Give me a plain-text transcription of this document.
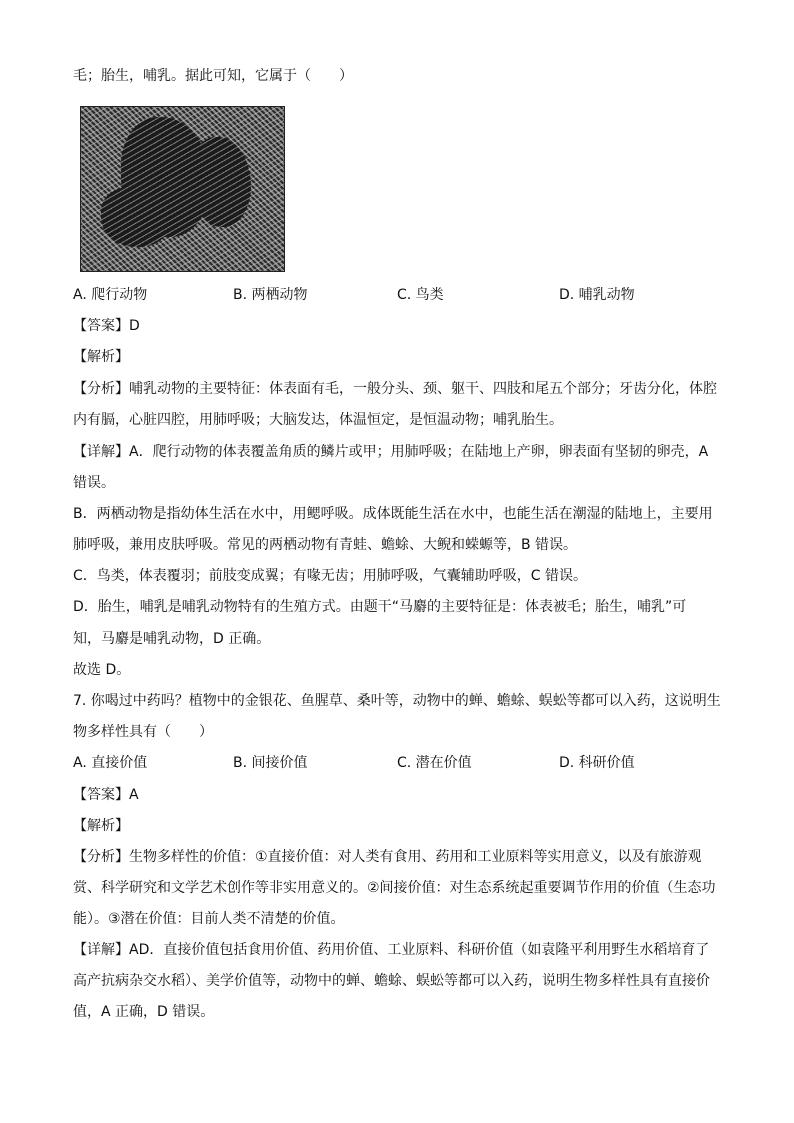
毛；胎生，哺乳。据此可知，它属于（　　）
A. 爬行动物	B. 两栖动物	C. 鸟类	D. 哺乳动物
【答案】D
【解析】
【分析】哺乳动物的主要特征：体表面有毛，一般分头、颈、躯干、四肢和尾五个部分；牙齿分化，体腔
内有膈，心脏四腔，用肺呼吸；大脑发达，体温恒定，是恒温动物；哺乳胎生。
【详解】A．爬行动物的体表覆盖角质的鳞片或甲；用肺呼吸；在陆地上产卵，卵表面有坚韧的卵壳，A
错误。
B．两栖动物是指幼体生活在水中，用鳃呼吸。成体既能生活在水中，也能生活在潮湿的陆地上，主要用
肺呼吸，兼用皮肤呼吸。常见的两栖动物有青蛙、蟾蜍、大鲵和蝾螈等，B 错误。
C．鸟类，体表覆羽；前肢变成翼；有喙无齿；用肺呼吸，气囊辅助呼吸，C 错误。
D．胎生，哺乳是哺乳动物特有的生殖方式。由题干“马麝的主要特征是：体表被毛；胎生，哺乳”可
知，马麝是哺乳动物，D 正确。
故选 D。
7. 你喝过中药吗？植物中的金银花、鱼腥草、桑叶等，动物中的蝉、蟾蜍、蜈蚣等都可以入药，这说明生
物多样性具有（　　）
A. 直接价值	B. 间接价值	C. 潜在价值	D. 科研价值
【答案】A
【解析】
【分析】生物多样性的价值：①直接价值：对人类有食用、药用和工业原料等实用意义，以及有旅游观
赏、科学研究和文学艺术创作等非实用意义的。②间接价值：对生态系统起重要调节作用的价值（生态功
能）。③潜在价值：目前人类不清楚的价值。
【详解】AD．直接价值包括食用价值、药用价值、工业原料、科研价值（如袁隆平利用野生水稻培育了
高产抗病杂交水稻）、美学价值等，动物中的蝉、蟾蜍、蜈蚣等都可以入药，说明生物多样性具有直接价
值，A 正确，D 错误。
